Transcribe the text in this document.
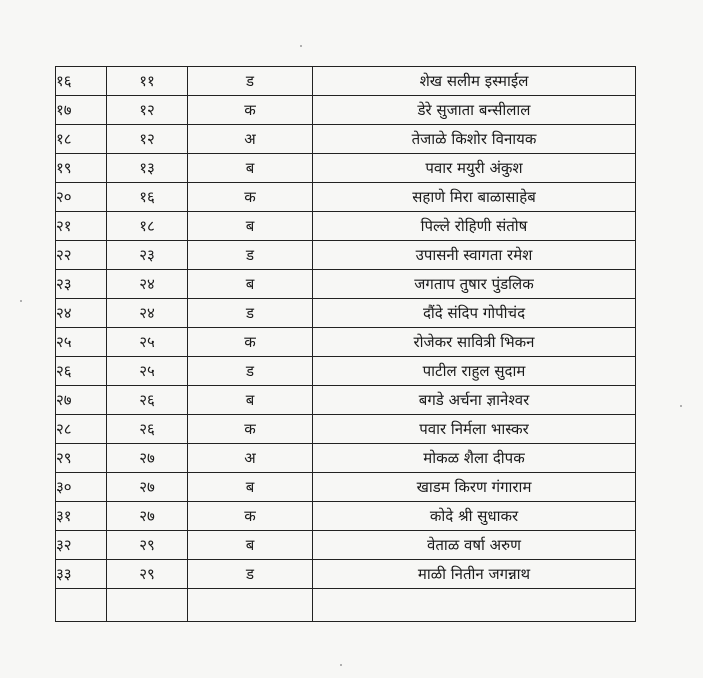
१६	११	ड	शेख सलीम इस्माईल
१७	१२	क	डेरे सुजाता बन्सीलाल
१८	१२	अ	तेजाळे किशोर विनायक
१९	१३	ब	पवार मयुरी अंकुश
२०	१६	क	सहाणे मिरा बाळासाहेब
२१	१८	ब	पिल्ले रोहिणी संतोष
२२	२३	ड	उपासनी स्वागता रमेश
२३	२४	ब	जगताप तुषार पुंडलिक
२४	२४	ड	दौंदे संदिप गोपीचंद
२५	२५	क	रोजेकर सावित्री भिकन
२६	२५	ड	पाटील राहुल सुदाम
२७	२६	ब	बगडे अर्चना ज्ञानेश्वर
२८	२६	क	पवार निर्मला भास्कर
२९	२७	अ	मोकळ शैला दीपक
३०	२७	ब	खाडम किरण गंगाराम
३१	२७	क	कोदे श्री सुधाकर
३२	२९	ब	वेताळ वर्षा अरुण
३३	२९	ड	माळी नितीन जगन्नाथ
